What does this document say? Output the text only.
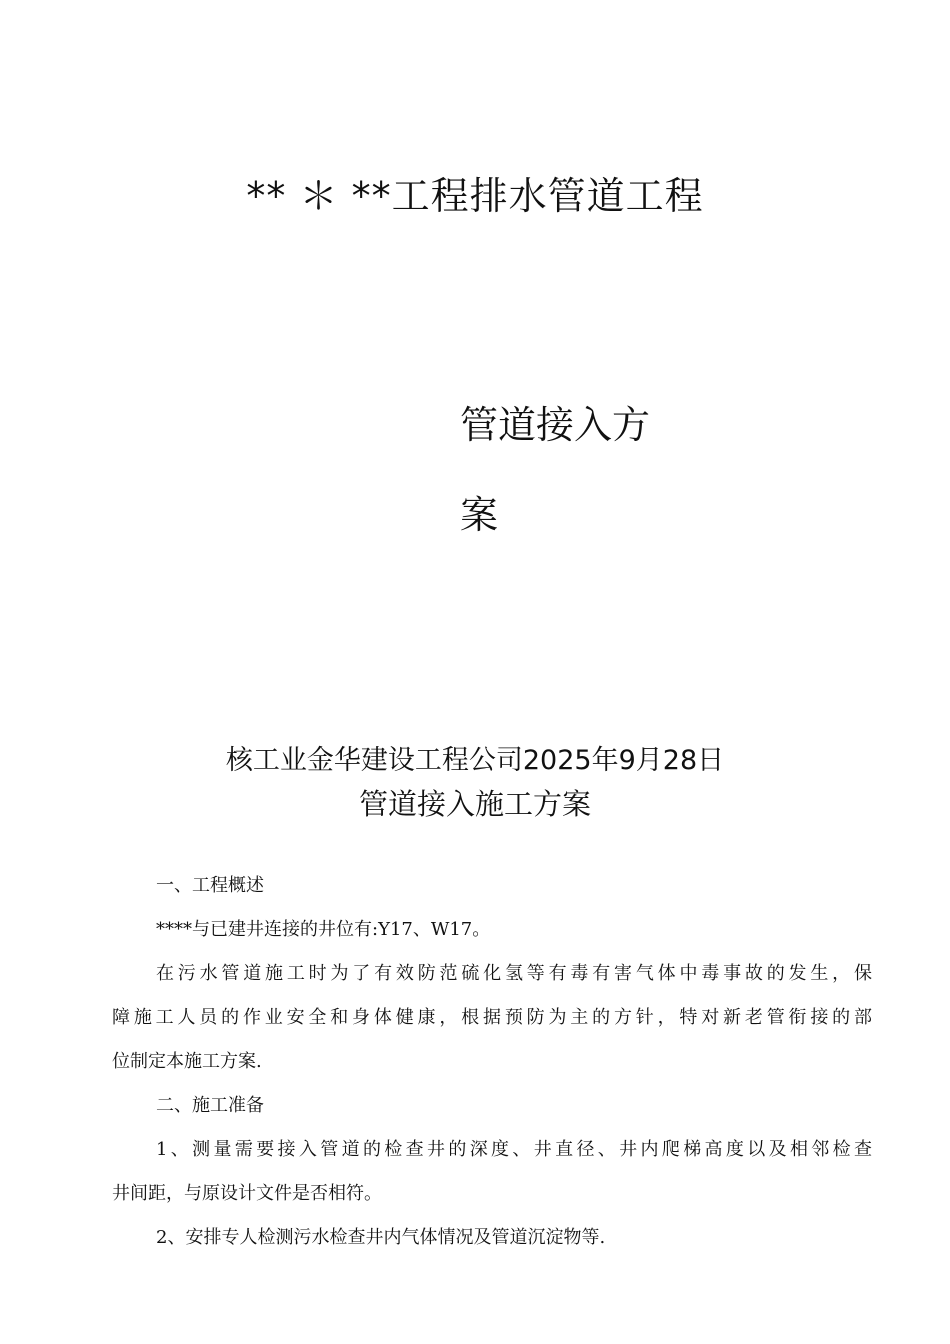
** ＊ **工程排水管道工程
管道接入方
案
核工业金华建设工程公司2025年9月28日
管道接入施工方案

一、工程概述

****与已建井连接的井位有:Y17、W17。

在污水管道施工时为了有效防范硫化氢等有毒有害气体中毒事故的发生，保
障施工人员的作业安全和身体健康，根据预防为主的方针，特对新老管衔接的部
位制定本施工方案.

二、施工准备

1、测量需要接入管道的检查井的深度、井直径、井内爬梯高度以及相邻检查
井间距，与原设计文件是否相符。

2、安排专人检测污水检查井内气体情况及管道沉淀物等.
